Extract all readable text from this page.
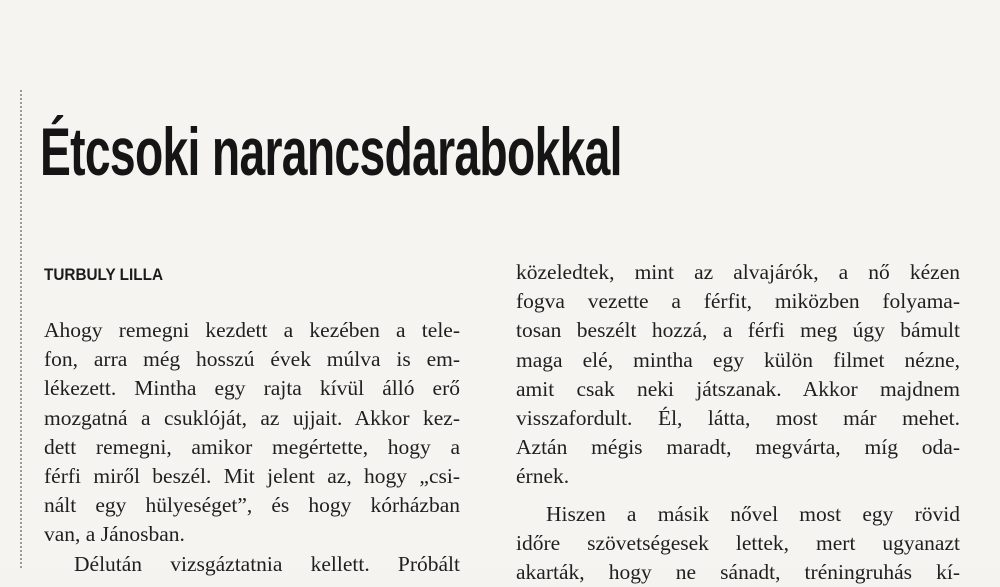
Étcsoki narancsdarabokkal
TURBULY LILLA
Ahogy remegni kezdett a kezében a tele-
fon, arra még hosszú évek múlva is em-
lékezett. Mintha egy rajta kívül álló erő
mozgatná a csuklóját, az ujjait. Akkor kez-
dett remegni, amikor megértette, hogy a
férfi miről beszél. Mit jelent az, hogy „csi-
nált egy hülyeséget”, és hogy kórházban
van, a Jánosban.
Délután vizsgáztatnia kellett. Próbált
közeledtek, mint az alvajárók, a nő kézen
fogva vezette a férfit, miközben folyama-
tosan beszélt hozzá, a férfi meg úgy bámult
maga elé, mintha egy külön filmet nézne,
amit csak neki játszanak. Akkor majdnem
visszafordult. Él, látta, most már mehet.
Aztán mégis maradt, megvárta, míg oda-
érnek.
Hiszen a másik nővel most egy rövid
időre szövetségesek lettek, mert ugyanazt
akarták, hogy ne sánadt, tréningruhás kí-
